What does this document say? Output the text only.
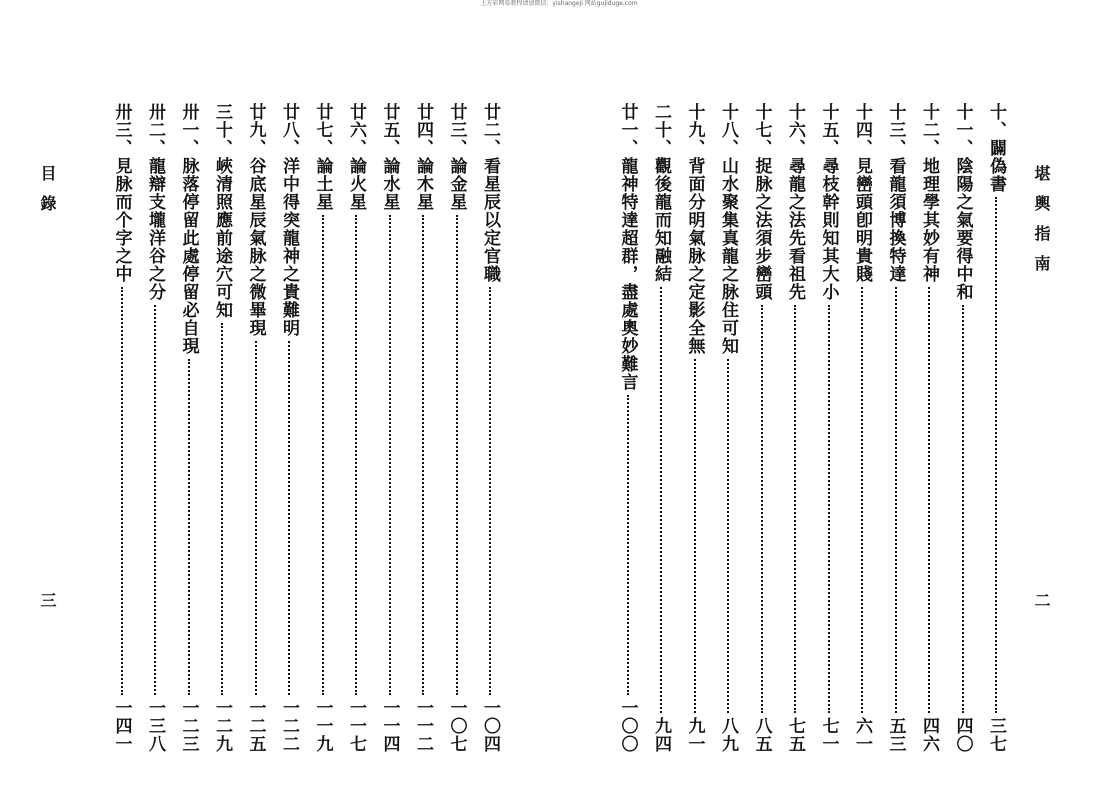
上方彩网易教程请加微信：yishangeji 网站gujiduge.com
十、
闢偽書
三七
十一、
陰陽之氣要得中和
四〇
十二、
地理學其妙有神
四六
十三、
看龍須博換特達
五三
十四、
見巒頭卽明貴賤
六一
十五、
尋枝幹則知其大小
七一
十六、
尋龍之法先看祖先
七五
十七、
捉脉之法須步巒頭
八五
十八、
山水聚集真龍之脉住可知
八九
十九、
背面分明氣脉之定影全無
九一
二十、
觀後龍而知融結
九四
廿一、
龍神特達超群，盡處奧妙難言
一〇〇
廿二、
看星辰以定官職
一〇四
廿三、
論金星
一〇七
廿四、
論木星
一一二
廿五、
論水星
一一四
廿六、
論火星
一一七
廿七、
論土星
一一九
廿八、
洋中得突龍神之貴難明
一二二
廿九、
谷底星辰氣脉之微畢現
一二五
三十、
峽清照應前途穴可知
一二九
卅一、
脉落停留此處停留必自現
一二三
卅二、
龍辯支壠洋谷之分
一三八
卅三、
見脉而个字之中
一四一
堪輿指南
二
目錄
三
